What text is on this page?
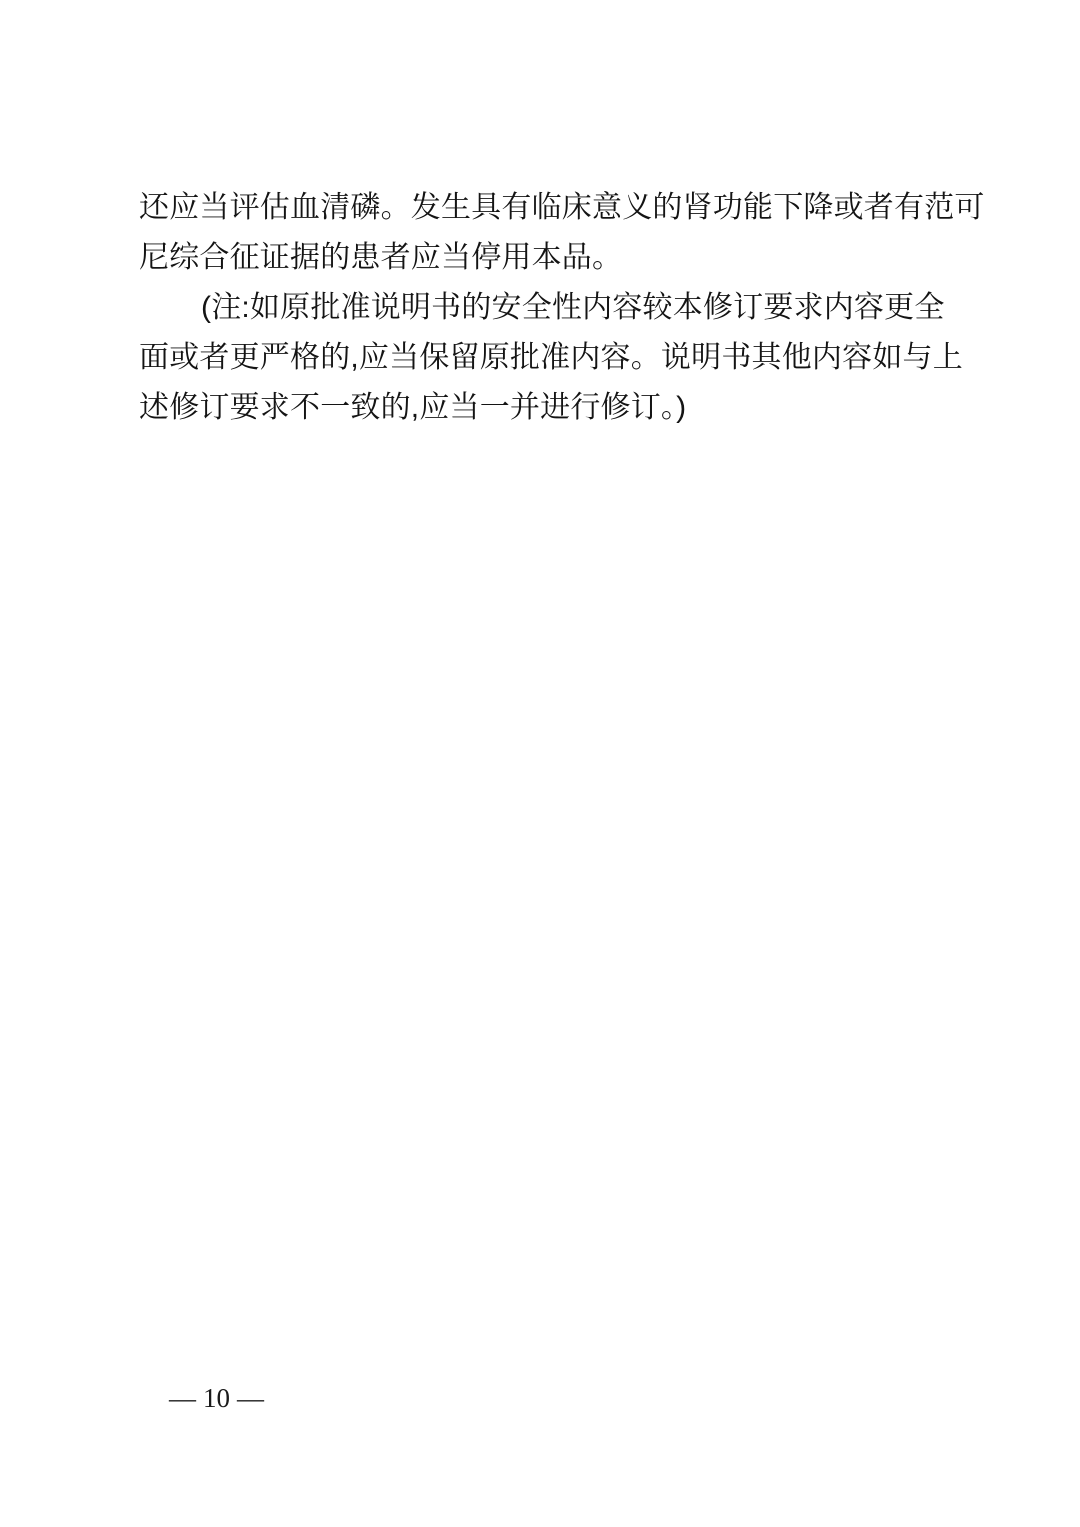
还应当评估血清磷。发生具有临床意义的肾功能下降或者有范可
尼综合征证据的患者应当停用本品。
(注:如原批准说明书的安全性内容较本修订要求内容更全
面或者更严格的,应当保留原批准内容。说明书其他内容如与上
述修订要求不一致的,应当一并进行修订。)
— 10 —
